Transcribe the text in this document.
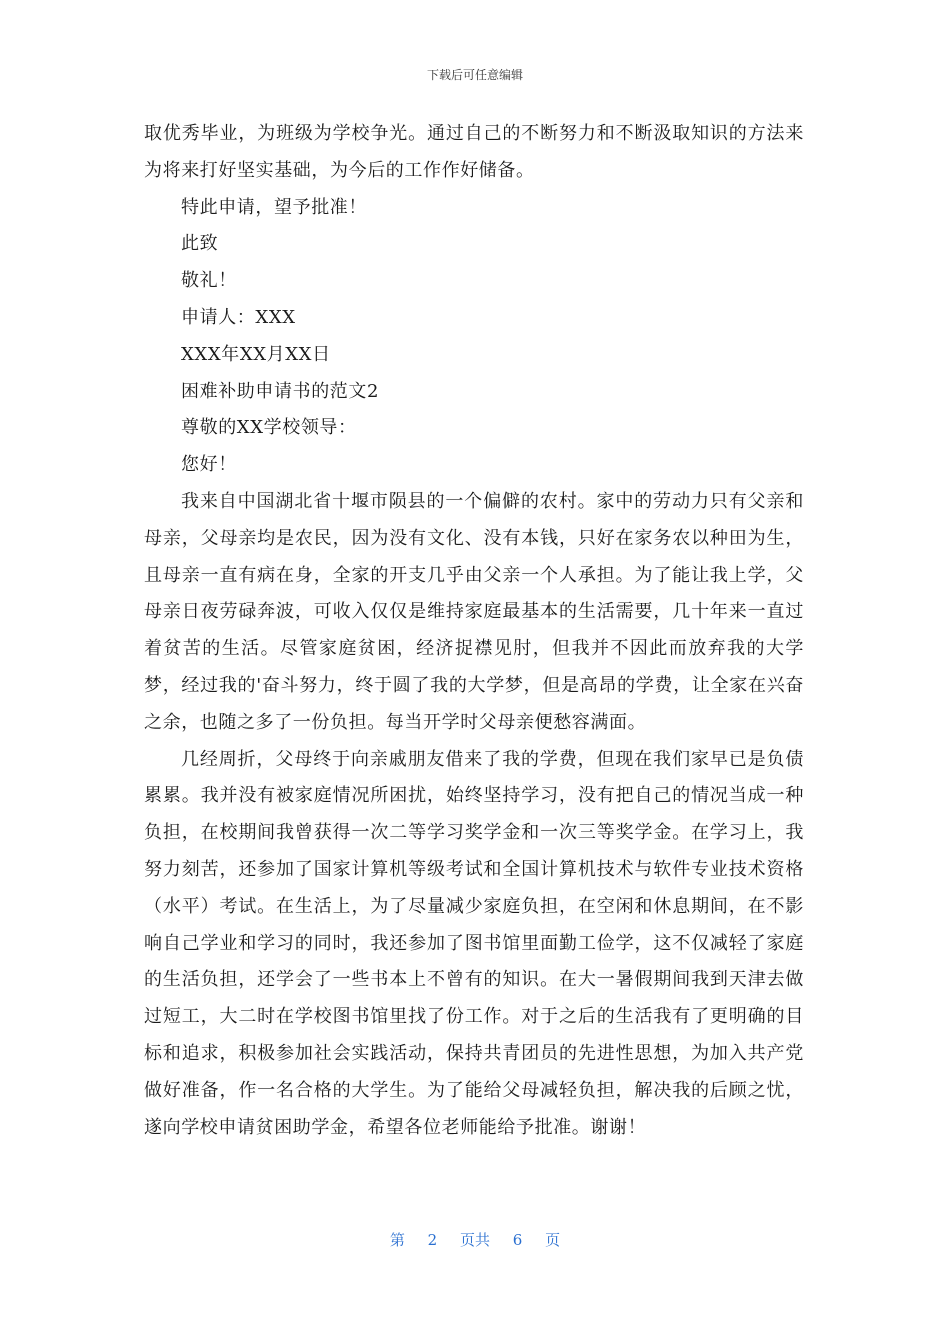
下载后可任意编辑

取优秀毕业，为班级为学校争光。通过自己的不断努力和不断汲取知识的方法来为将来打好坚实基础，为今后的工作作好储备。

特此申请，望予批准！

此致

敬礼！

申请人：XXX

XXX年XX月XX日

困难补助申请书的范文2

尊敬的XX学校领导：

您好！

我来自中国湖北省十堰市陨县的一个偏僻的农村。家中的劳动力只有父亲和母亲，父母亲均是农民，因为没有文化、没有本钱，只好在家务农以种田为生，且母亲一直有病在身，全家的开支几乎由父亲一个人承担。为了能让我上学，父母亲日夜劳碌奔波，可收入仅仅是维持家庭最基本的生活需要，几十年来一直过着贫苦的生活。尽管家庭贫困，经济捉襟见肘，但我并不因此而放弃我的大学梦，经过我的'奋斗努力，终于圆了我的大学梦，但是高昂的学费，让全家在兴奋之余，也随之多了一份负担。每当开学时父母亲便愁容满面。

几经周折，父母终于向亲戚朋友借来了我的学费，但现在我们家早已是负债累累。我并没有被家庭情况所困扰，始终坚持学习，没有把自己的情况当成一种负担，在校期间我曾获得一次二等学习奖学金和一次三等奖学金。在学习上，我努力刻苦，还参加了国家计算机等级考试和全国计算机技术与软件专业技术资格（水平）考试。在生活上，为了尽量减少家庭负担，在空闲和休息期间，在不影响自己学业和学习的同时，我还参加了图书馆里面勤工俭学，这不仅减轻了家庭的生活负担，还学会了一些书本上不曾有的知识。在大一暑假期间我到天津去做过短工，大二时在学校图书馆里找了份工作。对于之后的生活我有了更明确的目标和追求，积极参加社会实践活动，保持共青团员的先进性思想，为加入共产党做好准备，作一名合格的大学生。为了能给父母减轻负担，解决我的后顾之忧，遂向学校申请贫困助学金，希望各位老师能给予批准。谢谢！

第 2 页共 6 页
